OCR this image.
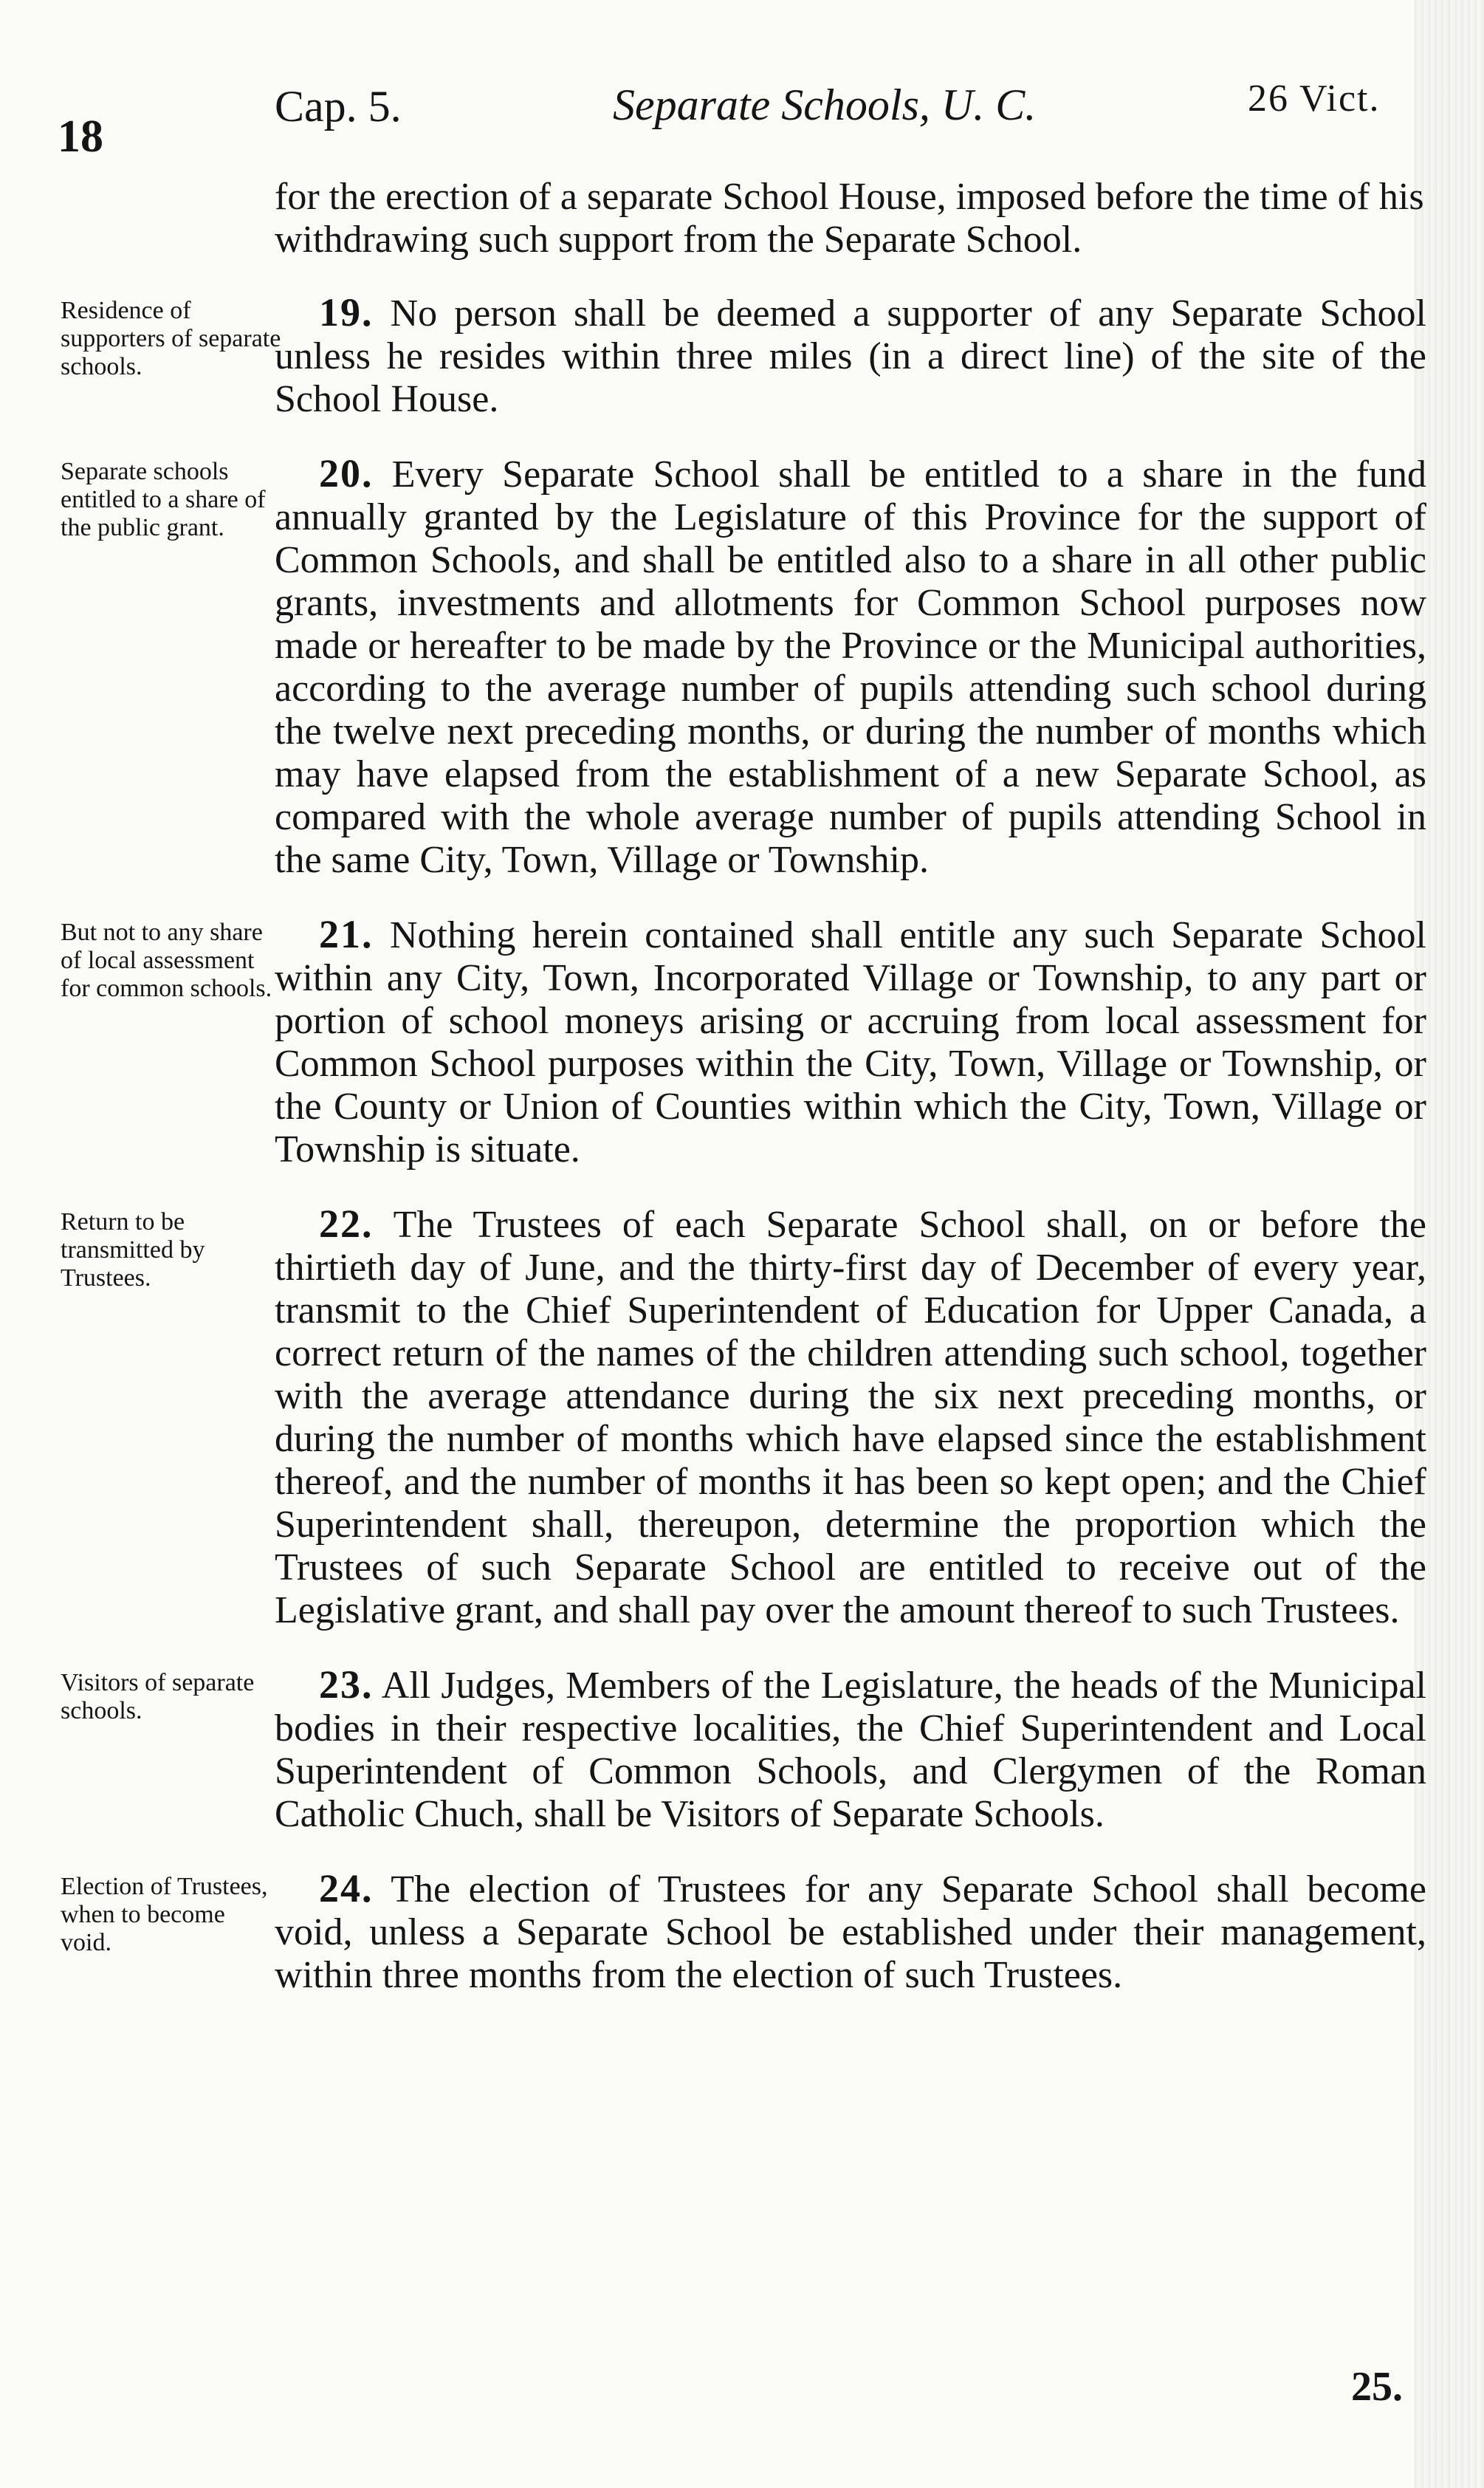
18
Cap. 5.	Separate Schools, U. C.	26 Vict.
for the erection of a separate School House, imposed before the time of his withdrawing such support from the Separate School.
Residence of supporters of separate schools.
19. No person shall be deemed a supporter of any Separate School unless he resides within three miles (in a direct line) of the site of the School House.
Separate schools entitled to a share of the public grant.
20. Every Separate School shall be entitled to a share in the fund annually granted by the Legislature of this Province for the support of Common Schools, and shall be entitled also to a share in all other public grants, investments and allotments for Common School purposes now made or hereafter to be made by the Province or the Municipal authorities, according to the average number of pupils attending such school during the twelve next preceding months, or during the number of months which may have elapsed from the establishment of a new Separate School, as compared with the whole average number of pupils attending School in the same City, Town, Village or Township.
But not to any share of local assessment for common schools.
21. Nothing herein contained shall entitle any such Separate School within any City, Town, Incorporated Village or Township, to any part or portion of school moneys arising or accruing from local assessment for Common School purposes within the City, Town, Village or Township, or the County or Union of Counties within which the City, Town, Village or Township is situate.
Return to be transmitted by Trustees.
22. The Trustees of each Separate School shall, on or before the thirtieth day of June, and the thirty-first day of December of every year, transmit to the Chief Superintendent of Education for Upper Canada, a correct return of the names of the children attending such school, together with the average attendance during the six next preceding months, or during the number of months which have elapsed since the establishment thereof, and the number of months it has been so kept open; and the Chief Superintendent shall, thereupon, determine the proportion which the Trustees of such Separate School are entitled to receive out of the Legislative grant, and shall pay over the amount thereof to such Trustees.
Visitors of separate schools.
23. All Judges, Members of the Legislature, the heads of the Municipal bodies in their respective localities, the Chief Superintendent and Local Superintendent of Common Schools, and Clergymen of the Roman Catholic Chuch, shall be Visitors of Separate Schools.
Election of Trustees, when to become void.
24. The election of Trustees for any Separate School shall become void, unless a Separate School be established under their management, within three months from the election of such Trustees.
25.
